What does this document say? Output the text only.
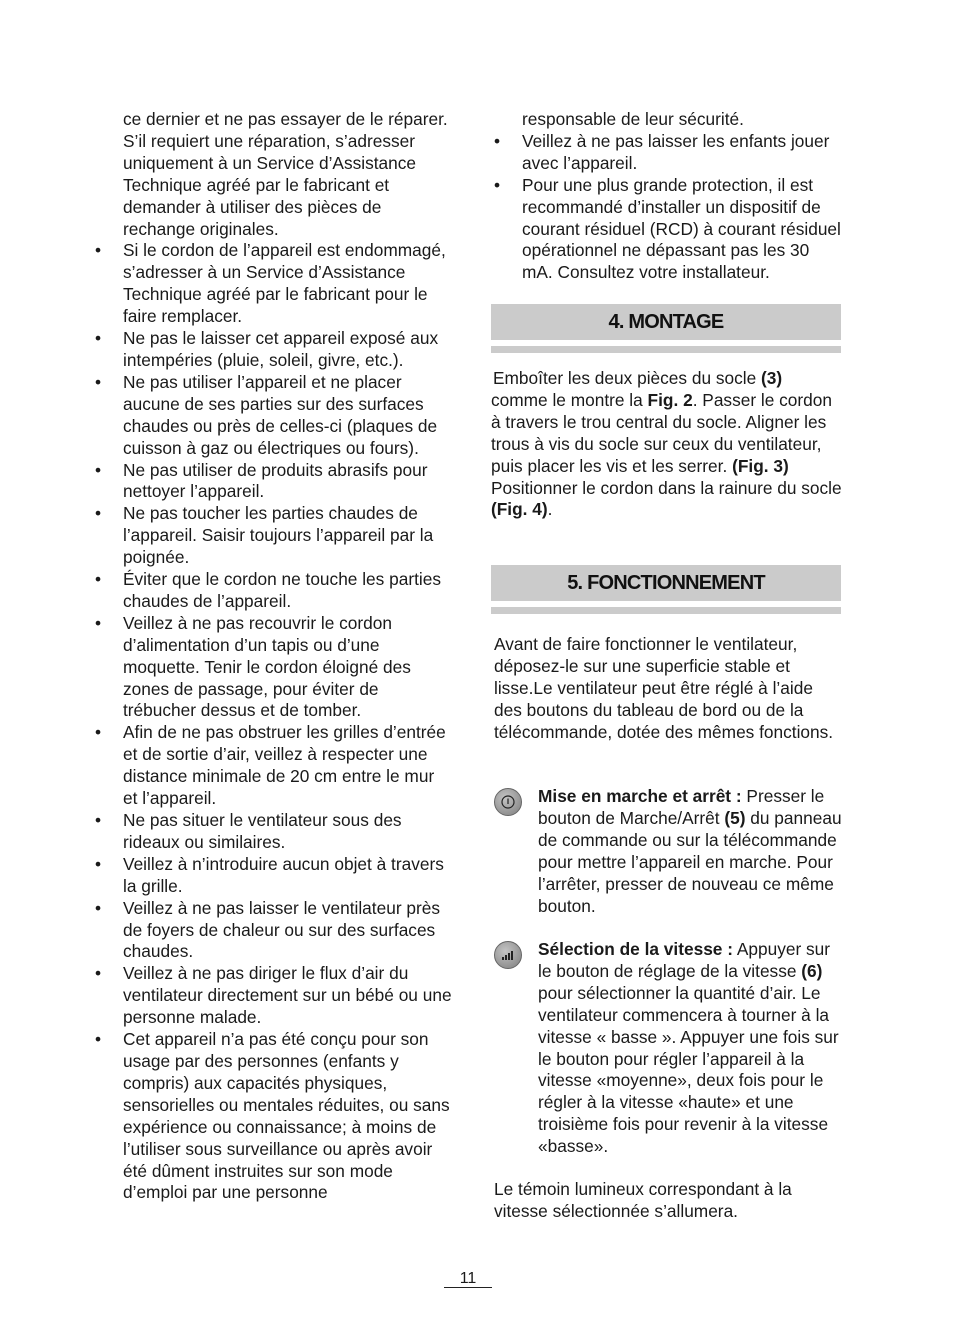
ce dernier et ne pas essayer de le réparer. S’il requiert une réparation, s’adresser uniquement à un Service d’Assistance Technique agréé par le fabricant et demander à utiliser des pièces de rechange originales.
• Si le cordon de l’appareil est endommagé, s’adresser à un Service d’Assistance Technique agréé par le fabricant pour le faire remplacer.
• Ne pas le laisser cet appareil exposé aux intempéries (pluie, soleil, givre, etc.).
• Ne pas utiliser l’appareil et ne placer aucune de ses parties sur des surfaces chaudes ou près de celles-ci (plaques de cuisson à gaz ou électriques ou fours).
• Ne pas utiliser de produits abrasifs pour nettoyer l’appareil.
• Ne pas toucher les parties chaudes de l’appareil. Saisir toujours l’appareil par la poignée.
• Éviter que le cordon ne touche les parties chaudes de l’appareil.
• Veillez à ne pas recouvrir le cordon d’alimentation d’un tapis ou d’une moquette. Tenir le cordon éloigné des zones de passage, pour éviter de trébucher dessus et de tomber.
• Afin de ne pas obstruer les grilles d’entrée et de sortie d’air, veillez à respecter une distance minimale de 20 cm entre le mur et l’appareil.
• Ne pas situer le ventilateur sous des rideaux ou similaires.
• Veillez à n’introduire aucun objet à travers la grille.
• Veillez à ne pas laisser le ventilateur près de foyers de chaleur ou sur des surfaces chaudes.
• Veillez à ne pas diriger le flux d’air du ventilateur directement sur un bébé ou une personne malade.
• Cet appareil n’a pas été conçu pour son usage par des personnes (enfants y compris) aux capacités physiques, sensorielles ou mentales réduites, ou sans expérience ou connaissance; à moins de l’utiliser sous surveillance ou après avoir été dûment instruites sur son mode d’emploi par une personne
responsable de leur sécurité.
• Veillez à ne pas laisser les enfants jouer avec l’appareil.
• Pour une plus grande protection, il est recommandé d’installer un dispositif de courant résiduel (RCD) à courant résiduel opérationnel ne dépassant pas les 30 mA. Consultez votre installateur.
4. MONTAGE
Emboîter les deux pièces du socle (3)
comme le montre la Fig. 2. Passer le cordon à travers le trou central du socle. Aligner les trous à vis du socle sur ceux du ventilateur, puis placer les vis et les serrer. (Fig. 3)
Positionner le cordon dans la rainure du socle (Fig. 4).
5. FONCTIONNEMENT
Avant de faire fonctionner le ventilateur, déposez-le sur une superficie stable et lisse.Le ventilateur peut être réglé à l’aide des boutons du tableau de bord ou de la télécommande, dotée des mêmes fonctions.
Mise en marche et arrêt : Presser le bouton de Marche/Arrêt (5) du panneau de commande ou sur la télécommande pour mettre l’appareil en marche. Pour l’arrêter, presser de nouveau ce même bouton.
Sélection de la vitesse : Appuyer sur le bouton de réglage de la vitesse (6) pour sélectionner la quantité d’air. Le ventilateur commencera à tourner à la vitesse « basse ». Appuyer une fois sur le bouton pour régler l’appareil à la vitesse «moyenne», deux fois pour le régler à la vitesse «haute» et une troisième fois pour revenir à la vitesse «basse».
Le témoin lumineux correspondant à la vitesse sélectionnée s’allumera.
11
